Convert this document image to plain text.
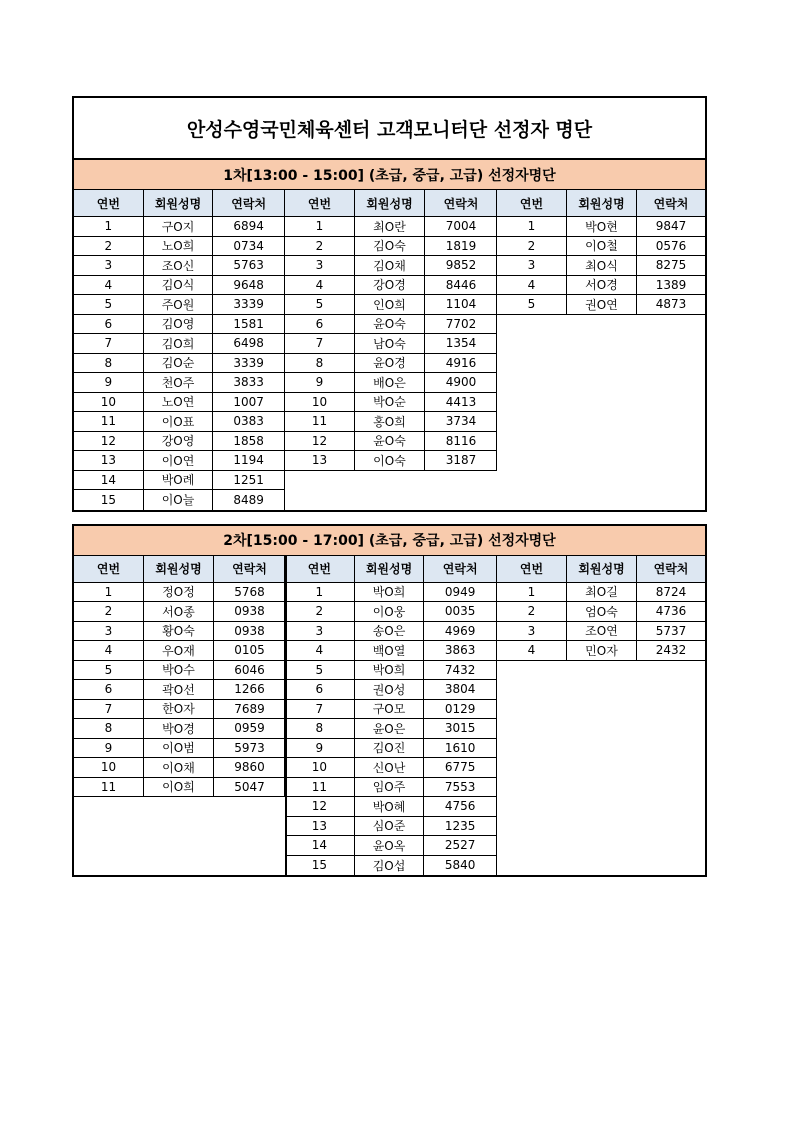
안성수영국민체육센터 고객모니터단 선정자 명단
1차[13:00 - 15:00] (초급, 중급, 고급) 선정자명단
연번	회원성명	연락처
1	구O지	6894
2	노O희	0734
3	조O신	5763
4	김O식	9648
5	주O원	3339
6	김O영	1581
7	김O희	6498
8	김O순	3339
9	천O주	3833
10	노O연	1007
11	이O표	0383
12	강O영	1858
13	이O연	1194
14	박O례	1251
15	이O늘	8489
연번	회원성명	연락처
1	최O란	7004
2	김O숙	1819
3	김O채	9852
4	강O경	8446
5	인O희	1104
6	윤O숙	7702
7	남O숙	1354
8	윤O경	4916
9	배O은	4900
10	박O순	4413
11	홍O희	3734
12	윤O숙	8116
13	이O숙	3187
연번	회원성명	연락처
1	박O현	9847
2	이O철	0576
3	최O식	8275
4	서O경	1389
5	권O연	4873
2차[15:00 - 17:00] (초급, 중급, 고급) 선정자명단
연번	회원성명	연락처
1	정O정	5768
2	서O종	0938
3	황O숙	0938
4	우O재	0105
5	박O수	6046
6	곽O선	1266
7	한O자	7689
8	박O경	0959
9	이O범	5973
10	이O채	9860
11	이O희	5047
연번	회원성명	연락처
1	박O희	0949
2	이O웅	0035
3	송O은	4969
4	백O열	3863
5	박O희	7432
6	권O성	3804
7	구O모	0129
8	윤O은	3015
9	김O진	1610
10	신O난	6775
11	임O주	7553
12	박O혜	4756
13	심O준	1235
14	윤O옥	2527
15	김O섭	5840
연번	회원성명	연락처
1	최O길	8724
2	엄O숙	4736
3	조O연	5737
4	민O자	2432
